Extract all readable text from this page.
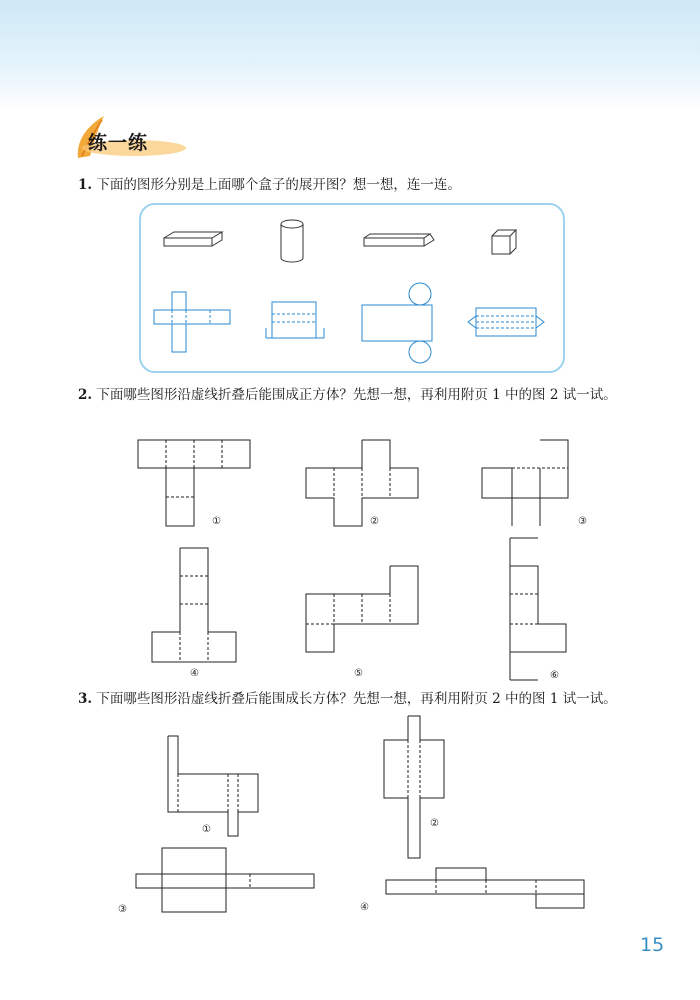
练一练
1. 下面的图形分别是上面哪个盒子的展开图？想一想，连一连。
2. 下面哪些图形沿虚线折叠后能围成正方体？先想一想，再利用附页 1 中的图 2 试一试。
①	②	③
④	⑤	⑥
3. 下面哪些图形沿虚线折叠后能围成长方体？先想一想，再利用附页 2 中的图 1 试一试。
①
②
③	④
15
